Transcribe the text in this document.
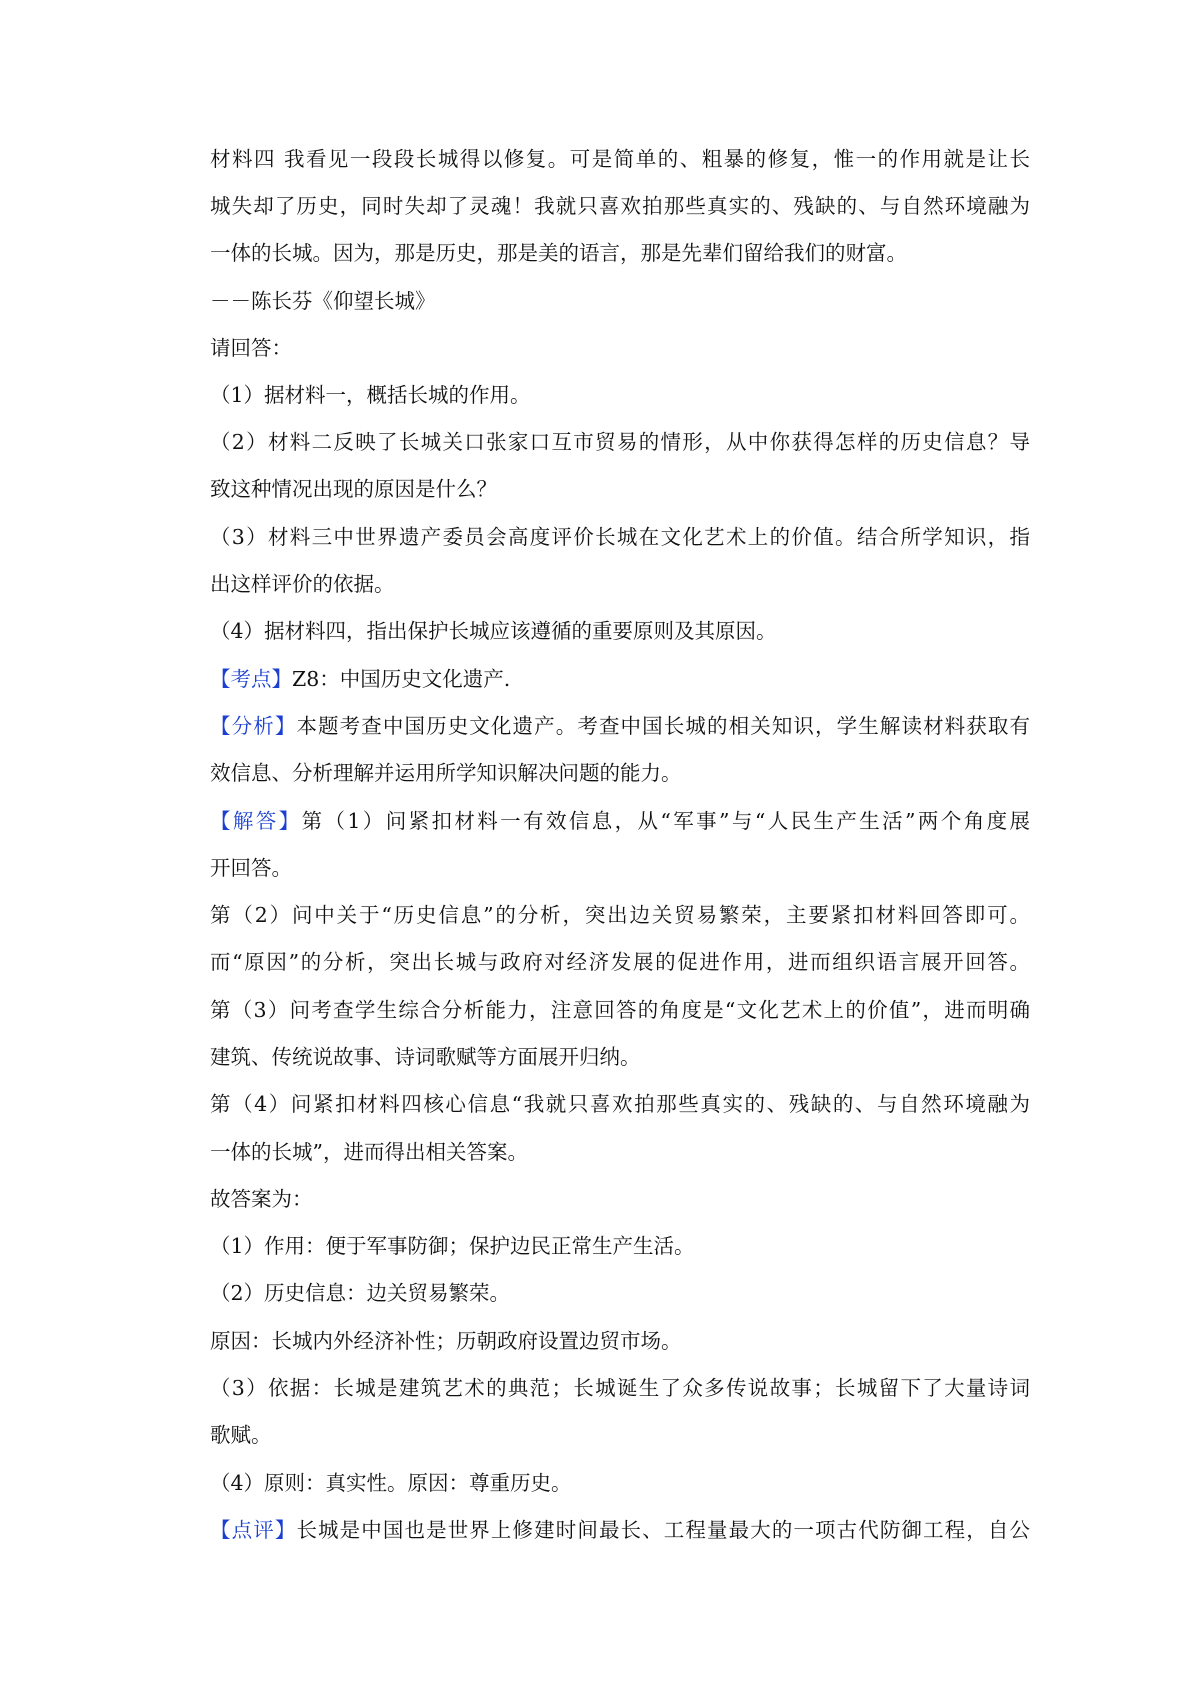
材料四 我看见一段段长城得以修复。可是简单的、粗暴的修复，惟一的作用就是让长
城失却了历史，同时失却了灵魂！我就只喜欢拍那些真实的、残缺的、与自然环境融为
一体的长城。因为，那是历史，那是美的语言，那是先辈们留给我们的财富。
－－陈长芬《仰望长城》
请回答：
（1）据材料一，概括长城的作用。
（2）材料二反映了长城关口张家口互市贸易的情形，从中你获得怎样的历史信息？导
致这种情况出现的原因是什么？
（3）材料三中世界遗产委员会高度评价长城在文化艺术上的价值。结合所学知识，指
出这样评价的依据。
（4）据材料四，指出保护长城应该遵循的重要原则及其原因。
【考点】Z8：中国历史文化遗产.
【分析】本题考查中国历史文化遗产。考查中国长城的相关知识，学生解读材料获取有
效信息、分析理解并运用所学知识解决问题的能力。
【解答】第（1）问紧扣材料一有效信息，从“军事”与“人民生产生活”两个角度展
开回答。
第（2）问中关于“历史信息”的分析，突出边关贸易繁荣，主要紧扣材料回答即可。
而“原因”的分析，突出长城与政府对经济发展的促进作用，进而组织语言展开回答。
第（3）问考查学生综合分析能力，注意回答的角度是“文化艺术上的价值”，进而明确
建筑、传统说故事、诗词歌赋等方面展开归纳。
第（4）问紧扣材料四核心信息“我就只喜欢拍那些真实的、残缺的、与自然环境融为
一体的长城”，进而得出相关答案。
故答案为：
（1）作用：便于军事防御；保护边民正常生产生活。
（2）历史信息：边关贸易繁荣。
原因：长城内外经济补性；历朝政府设置边贸市场。
（3）依据：长城是建筑艺术的典范；长城诞生了众多传说故事；长城留下了大量诗词
歌赋。
（4）原则：真实性。原因：尊重历史。
【点评】长城是中国也是世界上修建时间最长、工程量最大的一项古代防御工程，自公
